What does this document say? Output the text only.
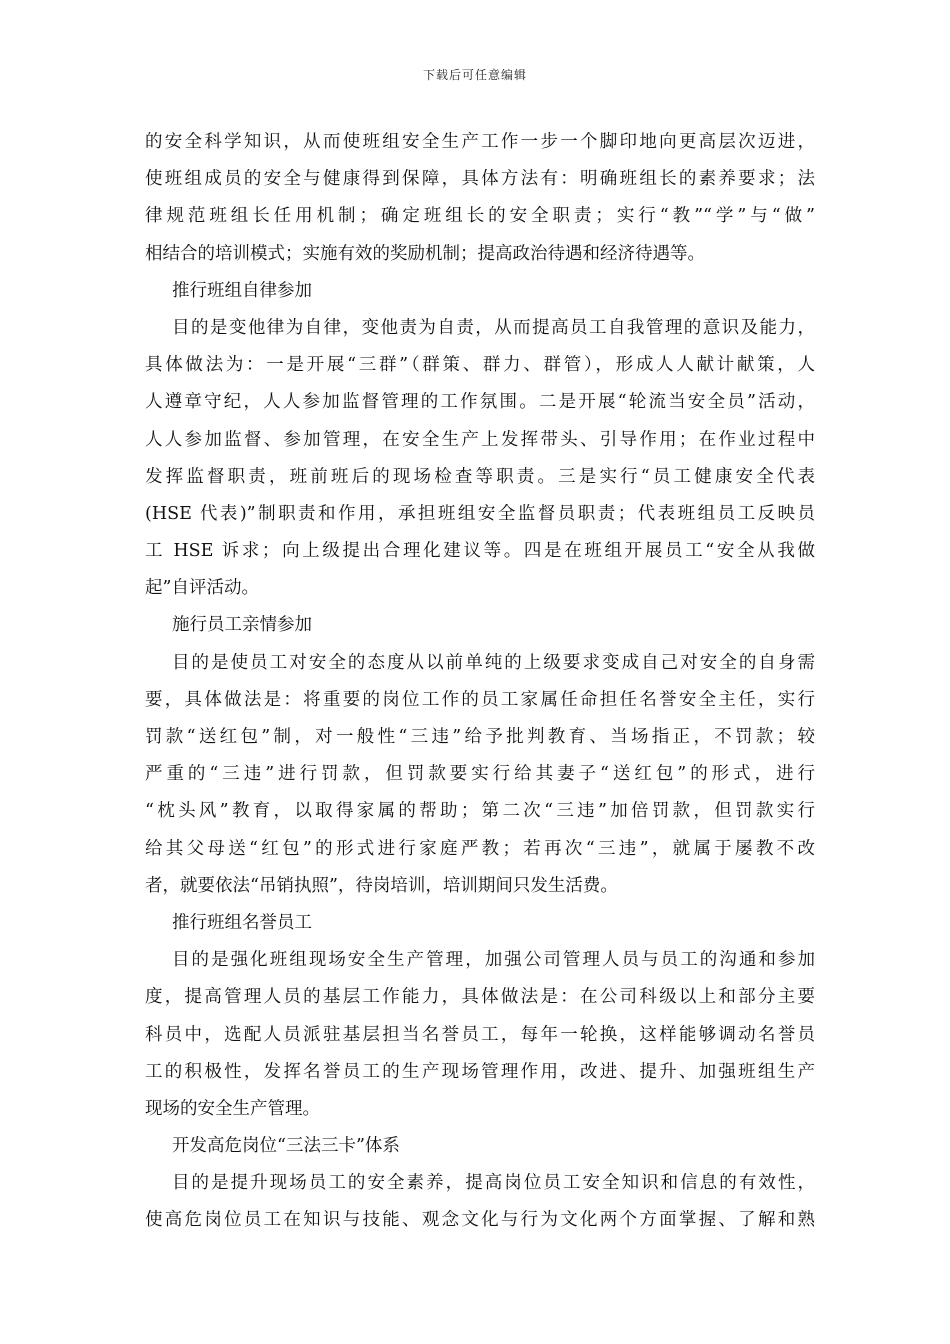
下载后可任意编辑
的安全科学知识，从而使班组安全生产工作一步一个脚印地向更高层次迈进，
使班组成员的安全与健康得到保障，具体方法有：明确班组长的素养要求；法
律规范班组长任用机制；确定班组长的安全职责；实行“教”“学”与“做”
相结合的培训模式；实施有效的奖励机制；提高政治待遇和经济待遇等。
推行班组自律参加
目的是变他律为自律，变他责为自责，从而提高员工自我管理的意识及能力，
具体做法为：一是开展“三群”（群策、群力、群管），形成人人献计献策，人
人遵章守纪，人人参加监督管理的工作氛围。二是开展“轮流当安全员”活动，
人人参加监督、参加管理，在安全生产上发挥带头、引导作用；在作业过程中
发挥监督职责，班前班后的现场检查等职责。三是实行“员工健康安全代表
(HSE 代表)”制职责和作用，承担班组安全监督员职责；代表班组员工反映员
工 HSE 诉求；向上级提出合理化建议等。四是在班组开展员工“安全从我做
起”自评活动。
施行员工亲情参加
目的是使员工对安全的态度从以前单纯的上级要求变成自己对安全的自身需
要，具体做法是：将重要的岗位工作的员工家属任命担任名誉安全主任，实行
罚款“送红包”制，对一般性“三违”给予批判教育、当场指正，不罚款；较
严重的“三违”进行罚款，但罚款要实行给其妻子“送红包”的形式，进行
“枕头风”教育，以取得家属的帮助；第二次“三违”加倍罚款，但罚款实行
给其父母送“红包”的形式进行家庭严教；若再次“三违”，就属于屡教不改
者，就要依法“吊销执照”，待岗培训，培训期间只发生活费。
推行班组名誉员工
目的是强化班组现场安全生产管理，加强公司管理人员与员工的沟通和参加
度，提高管理人员的基层工作能力，具体做法是：在公司科级以上和部分主要
科员中，选配人员派驻基层担当名誉员工，每年一轮换，这样能够调动名誉员
工的积极性，发挥名誉员工的生产现场管理作用，改进、提升、加强班组生产
现场的安全生产管理。
开发高危岗位“三法三卡”体系
目的是提升现场员工的安全素养，提高岗位员工安全知识和信息的有效性，
使高危岗位员工在知识与技能、观念文化与行为文化两个方面掌握、了解和熟
